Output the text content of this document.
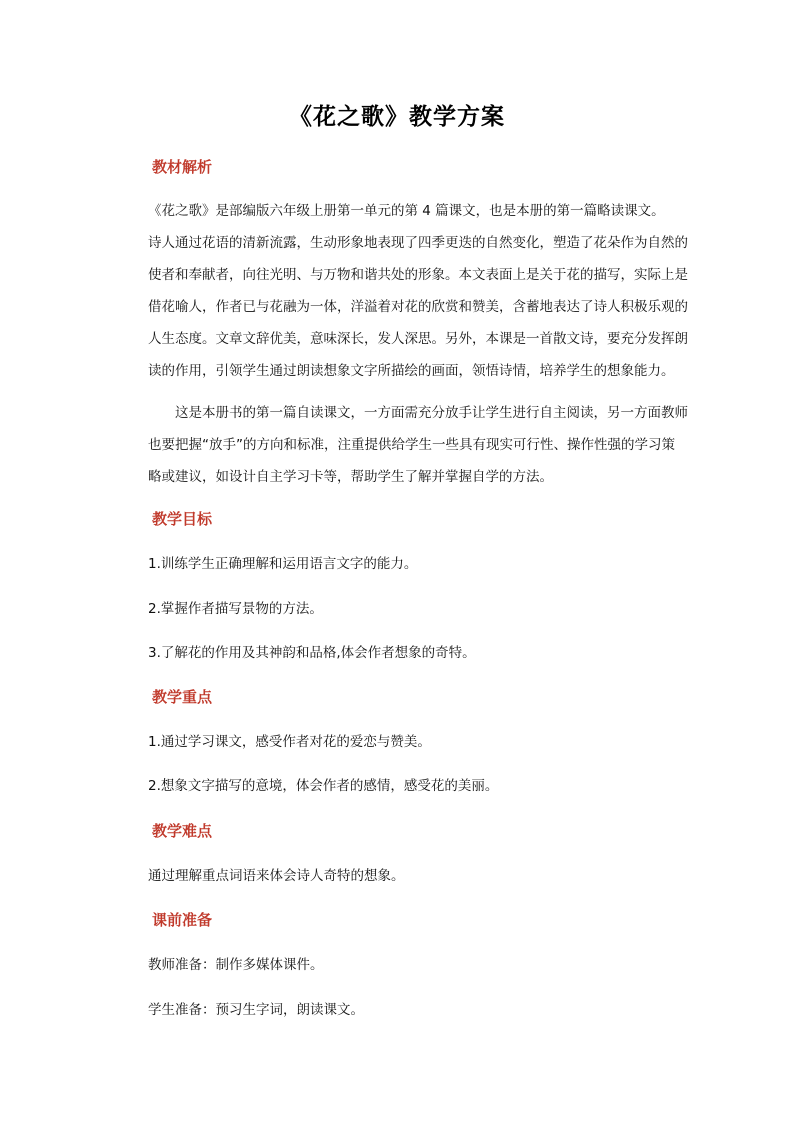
《花之歌》教学方案
教材解析
《花之歌》是部编版六年级上册第一单元的第 4 篇课文，也是本册的第一篇略读课文。
诗人通过花语的清新流露，生动形象地表现了四季更迭的自然变化，塑造了花朵作为自然的
使者和奉献者，向往光明、与万物和谐共处的形象。本文表面上是关于花的描写，实际上是
借花喻人，作者已与花融为一体，洋溢着对花的欣赏和赞美，含蓄地表达了诗人积极乐观的
人生态度。文章文辞优美，意味深长，发人深思。另外，本课是一首散文诗，要充分发挥朗
读的作用，引领学生通过朗读想象文字所描绘的画面，领悟诗情，培养学生的想象能力。
这是本册书的第一篇自读课文，一方面需充分放手让学生进行自主阅读，另一方面教师
也要把握“放手”的方向和标准，注重提供给学生一些具有现实可行性、操作性强的学习策
略或建议，如设计自主学习卡等，帮助学生了解并掌握自学的方法。
教学目标
1.训练学生正确理解和运用语言文字的能力。
2.掌握作者描写景物的方法。
3.了解花的作用及其神韵和品格,体会作者想象的奇特。
教学重点
1.通过学习课文，感受作者对花的爱恋与赞美。
2.想象文字描写的意境，体会作者的感情，感受花的美丽。
教学难点
通过理解重点词语来体会诗人奇特的想象。
课前准备
教师准备：制作多媒体课件。
学生准备：预习生字词，朗读课文。
